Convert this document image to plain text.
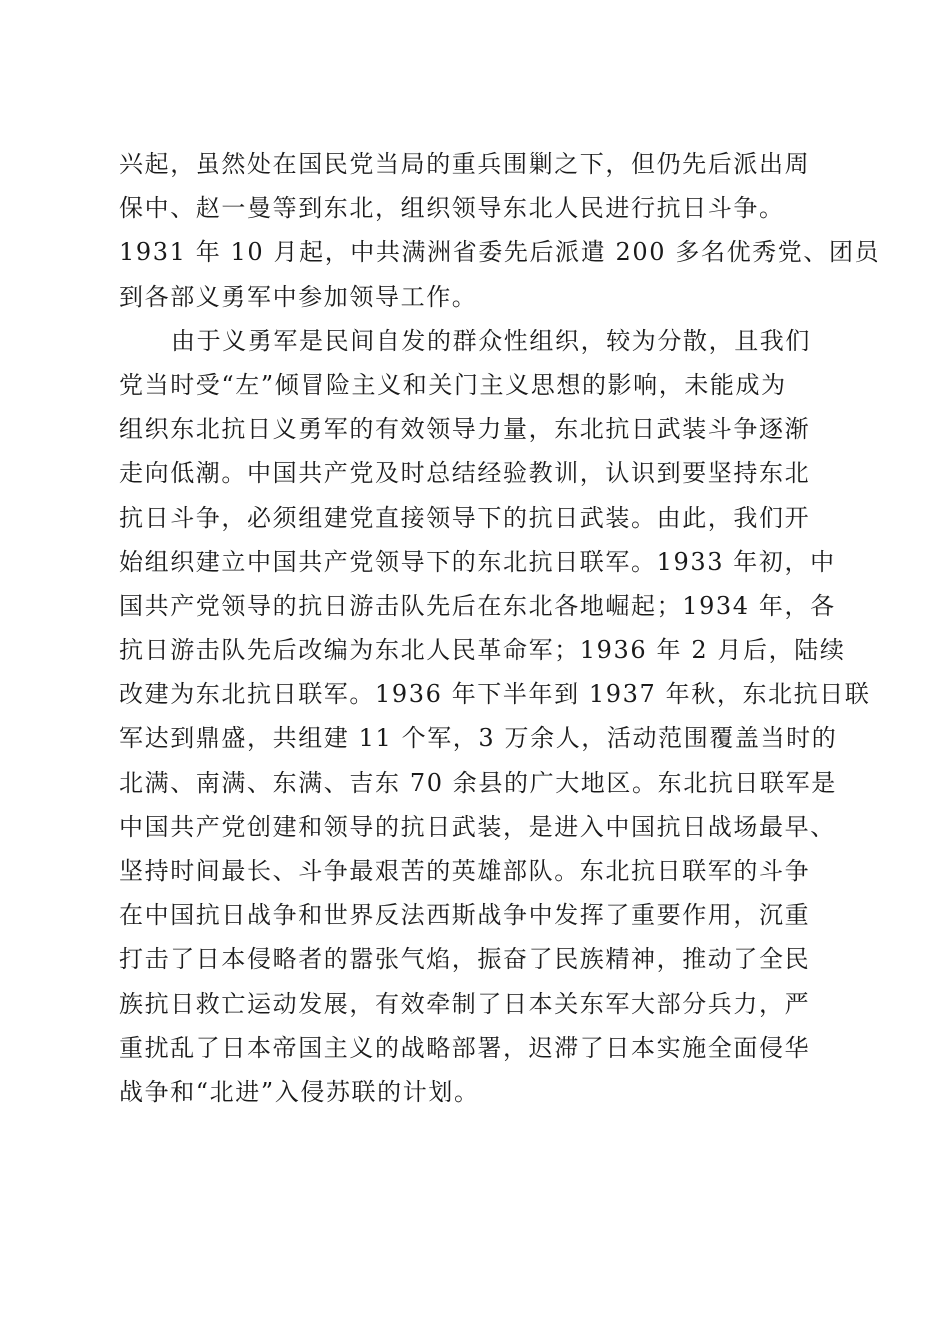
兴起，虽然处在国民党当局的重兵围剿之下，但仍先后派出周
保中、赵一曼等到东北，组织领导东北人民进行抗日斗争。
1931 年 10 月起，中共满洲省委先后派遣 200 多名优秀党、团员
到各部义勇军中参加领导工作。
由于义勇军是民间自发的群众性组织，较为分散，且我们
党当时受“左”倾冒险主义和关门主义思想的影响，未能成为
组织东北抗日义勇军的有效领导力量，东北抗日武装斗争逐渐
走向低潮。中国共产党及时总结经验教训，认识到要坚持东北
抗日斗争，必须组建党直接领导下的抗日武装。由此，我们开
始组织建立中国共产党领导下的东北抗日联军。1933 年初，中
国共产党领导的抗日游击队先后在东北各地崛起；1934 年，各
抗日游击队先后改编为东北人民革命军；1936 年 2 月后，陆续
改建为东北抗日联军。1936 年下半年到 1937 年秋，东北抗日联
军达到鼎盛，共组建 11 个军，3 万余人，活动范围覆盖当时的
北满、南满、东满、吉东 70 余县的广大地区。东北抗日联军是
中国共产党创建和领导的抗日武装，是进入中国抗日战场最早、
坚持时间最长、斗争最艰苦的英雄部队。东北抗日联军的斗争
在中国抗日战争和世界反法西斯战争中发挥了重要作用，沉重
打击了日本侵略者的嚣张气焰，振奋了民族精神，推动了全民
族抗日救亡运动发展，有效牵制了日本关东军大部分兵力，严
重扰乱了日本帝国主义的战略部署，迟滞了日本实施全面侵华
战争和“北进”入侵苏联的计划。
